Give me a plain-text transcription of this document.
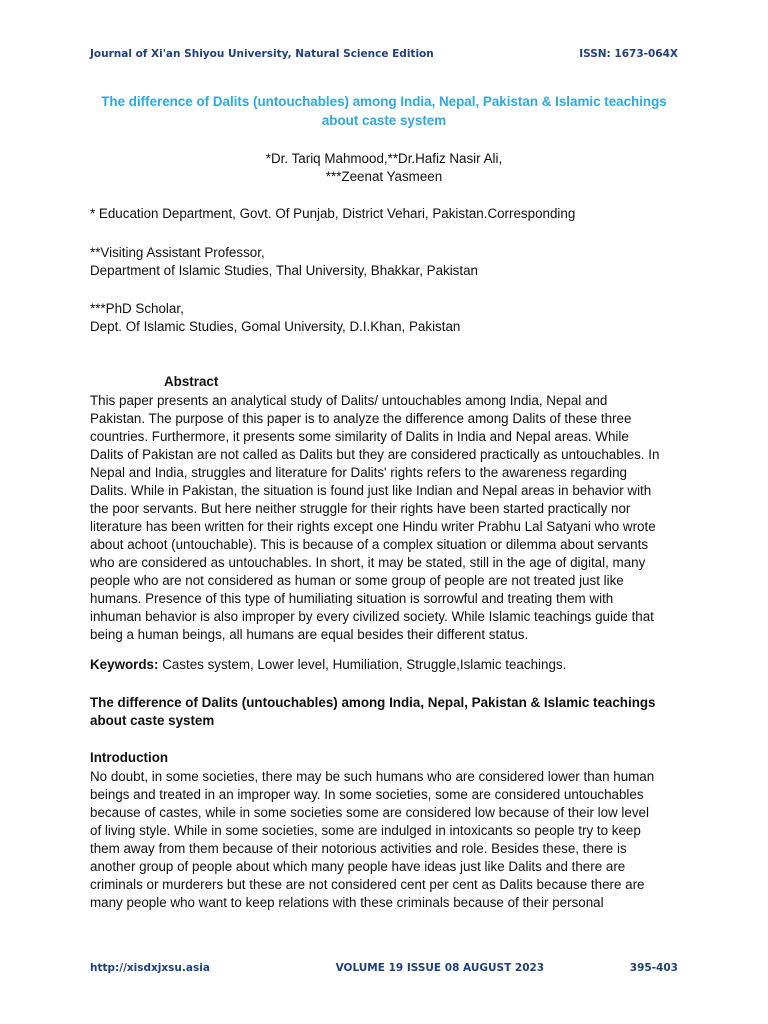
Journal of Xi'an Shiyou University, Natural Science Edition	ISSN: 1673-064X
The difference of Dalits (untouchables) among India, Nepal, Pakistan & Islamic teachings
about caste system
*Dr. Tariq Mahmood,**Dr.Hafiz Nasir Ali,
***Zeenat Yasmeen
* Education Department, Govt. Of Punjab, District Vehari, Pakistan.Corresponding
**Visiting Assistant Professor,
Department of Islamic Studies, Thal University, Bhakkar, Pakistan
***PhD Scholar,
Dept. Of Islamic Studies, Gomal University, D.I.Khan, Pakistan
Abstract
This paper presents an analytical study of Dalits/ untouchables among India, Nepal and
Pakistan. The purpose of this paper is to analyze the difference among Dalits of these three
countries. Furthermore, it presents some similarity of Dalits in India and Nepal areas. While
Dalits of Pakistan are not called as Dalits but they are considered practically as untouchables. In
Nepal and India, struggles and literature for Dalits' rights refers to the awareness regarding
Dalits. While in Pakistan, the situation is found just like Indian and Nepal areas in behavior with
the poor servants. But here neither struggle for their rights have been started practically nor
literature has been written for their rights except one Hindu writer Prabhu Lal Satyani who wrote
about achoot (untouchable). This is because of a complex situation or dilemma about servants
who are considered as untouchables. In short, it may be stated, still in the age of digital, many
people who are not considered as human or some group of people are not treated just like
humans. Presence of this type of humiliating situation is sorrowful and treating them with
inhuman behavior is also improper by every civilized society. While Islamic teachings guide that
being a human beings, all humans are equal besides their different status.
Keywords: Castes system, Lower level, Humiliation, Struggle,Islamic teachings.
The difference of Dalits (untouchables) among India, Nepal, Pakistan & Islamic teachings
about caste system
Introduction
No doubt, in some societies, there may be such humans who are considered lower than human
beings and treated in an improper way. In some societies, some are considered untouchables
because of castes, while in some societies some are considered low because of their low level
of living style. While in some societies, some are indulged in intoxicants so people try to keep
them away from them because of their notorious activities and role. Besides these, there is
another group of people about which many people have ideas just like Dalits and there are
criminals or murderers but these are not considered cent per cent as Dalits because there are
many people who want to keep relations with these criminals because of their personal
http://xisdxjxsu.asia	VOLUME 19 ISSUE 08 AUGUST 2023	395-403
